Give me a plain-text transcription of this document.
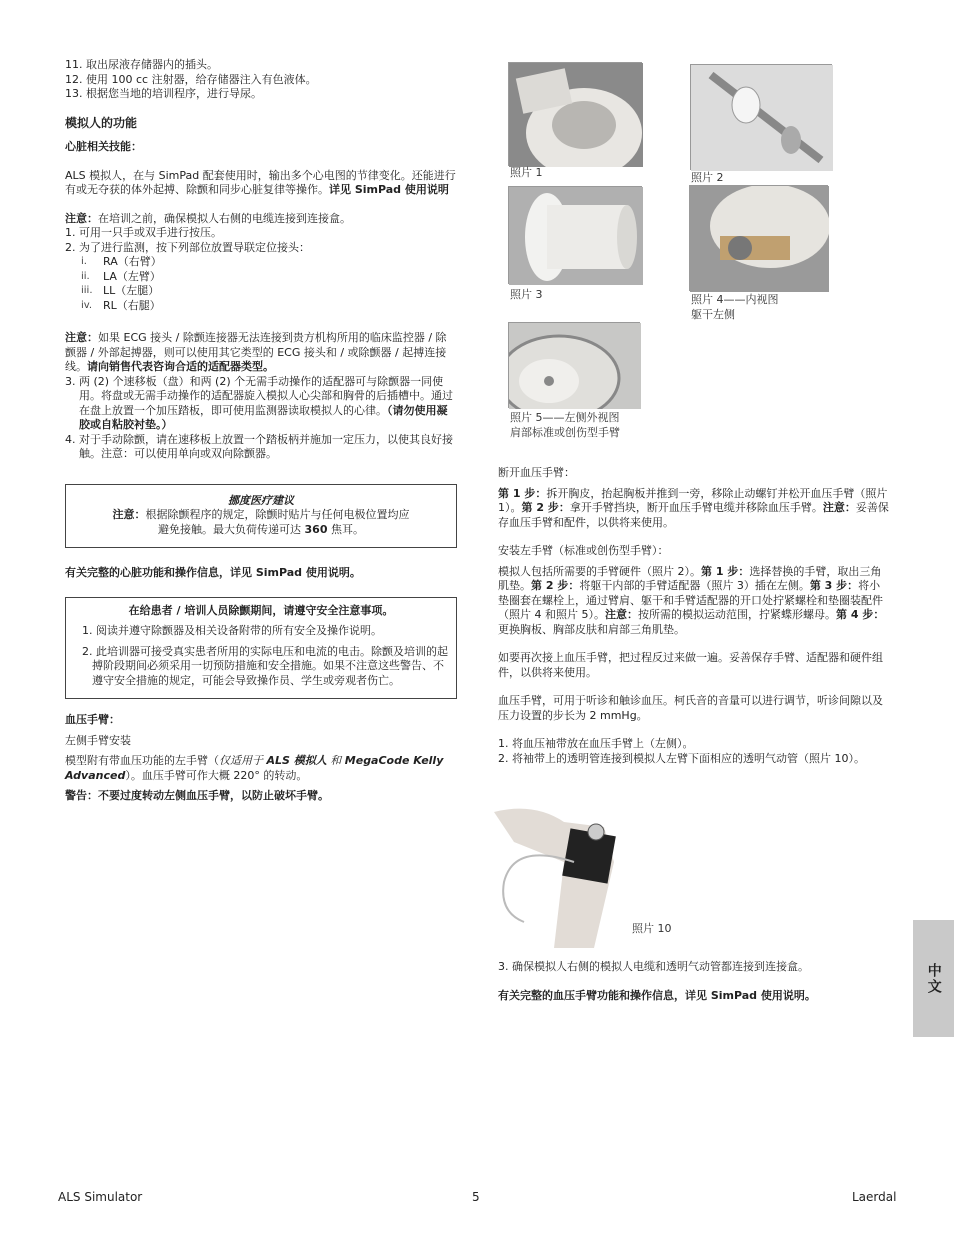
11. 取出尿液存储器内的插头。

12. 使用 100 cc 注射器，给存储器注入有色液体。

13. 根据您当地的培训程序，进行导尿。

模拟人的功能

心脏相关技能：

ALS 模拟人，在与 SimPad 配套使用时，输出多个心电图的节律变化。还能进行有或无夺获的体外起搏、除颤和同步心脏复律等操作。详见 SimPad 使用说明

注意：在培训之前，确保模拟人右侧的电缆连接到连接盒。

1. 可用一只手或双手进行按压。

2. 为了进行监测，按下列部位放置导联定位接头：

i.	RA（右臂）
ii.	LA（左臂）
iii. LL（左腿）
iv. RL（右腿）

注意：如果 ECG 接头 / 除颤连接器无法连接到贵方机构所用的临床监控器 / 除颤器 / 外部起搏器，则可以使用其它类型的 ECG 接头和 / 或除颤器 / 起搏连接线。请向销售代表咨询合适的适配器类型。

3. 两 (2) 个速移板（盘）和两 (2) 个无需手动操作的适配器可与除颤器一同使用。将盘或无需手动操作的适配器旋入模拟人心尖部和胸骨的后插槽中。通过在盘上放置一个加压踏板，即可使用监测器读取模拟人的心律。（请勿使用凝胶或自粘胶衬垫。）

4. 对于手动除颤，请在速移板上放置一个踏板柄并施加一定压力，以使其良好接触。注意：可以使用单向或双向除颤器。

挪度医疗建议

注意：根据除颤程序的规定，除颤时贴片与任何电极位置均应

避免接触。最大负荷传递可达 360 焦耳。

有关完整的心脏功能和操作信息，详见 SimPad 使用说明。

在给患者 / 培训人员除颤期间，请遵守安全注意事项。

1. 阅读并遵守除颤器及相关设备附带的所有安全及操作说明。

2. 此培训器可接受真实患者所用的实际电压和电流的电击。除颤及培训的起搏阶段期间必须采用一切预防措施和安全措施。如果不注意这些警告、不遵守安全措施的规定，可能会导致操作员、学生或旁观者伤亡。

血压手臂：

左侧手臂安装

模型附有带血压功能的左手臂（仅适用于 ALS 模拟人 和 MegaCode Kelly Advanced）。血压手臂可作大概 220° 的转动。

警告：不要过度转动左侧血压手臂，以防止破坏手臂。

照片 1	照片 2
照片 3	照片 4——内视图
躯干左侧
照片 5——左侧外视图
肩部标准或创伤型手臂

断开血压手臂：

第 1 步：拆开胸皮，抬起胸板并推到一旁，移除止动螺钉并松开血压手臂（照片 1）。第 2 步：拿开手臂挡块，断开血压手臂电缆并移除血压手臂。注意：妥善保存血压手臂和配件，以供将来使用。

安装左手臂（标准或创伤型手臂）：

模拟人包括所需要的手臂硬件（照片 2）。第 1 步：选择替换的手臂，取出三角肌垫。第 2 步：将躯干内部的手臂适配器（照片 3）插在左侧。第 3 步：将小垫圈套在螺栓上，通过臂肩、躯干和手臂适配器的开口处拧紧螺栓和垫圈装配件（照片 4 和照片 5）。注意：按所需的模拟运动范围，拧紧蝶形螺母。第 4 步：更换胸板、胸部皮肤和肩部三角肌垫。

如要再次接上血压手臂，把过程反过来做一遍。妥善保存手臂、适配器和硬件组件，以供将来使用。

血压手臂，可用于听诊和触诊血压。柯氏音的音量可以进行调节，听诊间隙以及压力设置的步长为 2 mmHg。

1. 将血压袖带放在血压手臂上（左侧）。

2. 将袖带上的透明管连接到模拟人左臂下面相应的透明气动管（照片 10）。

照片 10

3. 确保模拟人右侧的模拟人电缆和透明气动管都连接到连接盒。

有关完整的血压手臂功能和操作信息，详见 SimPad 使用说明。

中文
ALS Simulator	5	Laerdal
